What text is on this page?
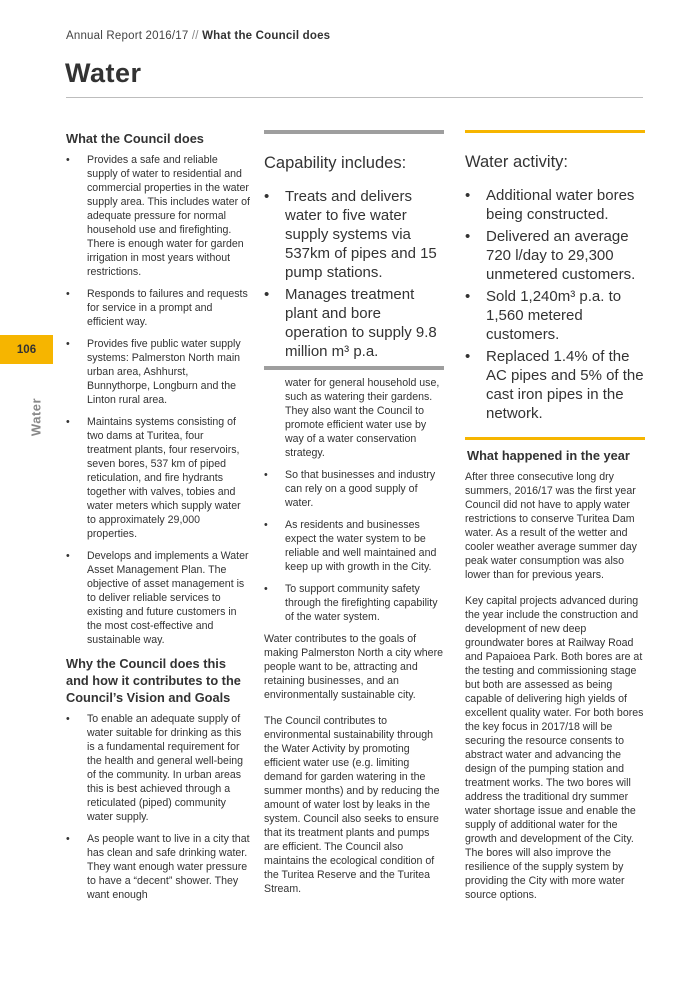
Annual Report 2016/17 // What the Council does
Water
106
Water
What the Council does
• Provides a safe and reliable supply of water to residential and commercial properties in the water supply area. This includes water of adequate pressure for normal household use and firefighting. There is enough water for garden irrigation in most years without restrictions.
• Responds to failures and requests for service in a prompt and efficient way.
• Provides five public water supply systems: Palmerston North main urban area, Ashhurst, Bunnythorpe, Longburn and the Linton rural area.
• Maintains systems consisting of two dams at Turitea, four treatment plants, four reservoirs, seven bores, 537 km of piped reticulation, and fire hydrants together with valves, tobies and water meters which supply water to approximately 29,000 properties.
• Develops and implements a Water Asset Management Plan. The objective of asset management is to deliver reliable services to existing and future customers in the most cost-effective and sustainable way.
Why the Council does this and how it contributes to the Council’s Vision and Goals
• To enable an adequate supply of water suitable for drinking as this is a fundamental requirement for the health and general well-being of the community. In urban areas this is best achieved through a reticulated (piped) community water supply.
• As people want to live in a city that has clean and safe drinking water. They want enough water pressure to have a “decent” shower. They want enough
Capability includes:
• Treats and delivers water to five water supply systems via 537km of pipes and 15 pump stations.
• Manages treatment plant and bore operation to supply 9.8 million m³ p.a.
Water activity:
• Additional water bores being constructed.
• Delivered an average 720 l/day to 29,300 unmetered customers.
• Sold 1,240m³ p.a. to 1,560 metered customers.
• Replaced 1.4% of the AC pipes and 5% of the cast iron pipes in the network.

water for general household use, such as watering their gardens. They also want the Council to promote efficient water use by way of a water conservation strategy.

• So that businesses and industry can rely on a good supply of water.
• As residents and businesses expect the water system to be reliable and well maintained and keep up with growth in the City.
• To support community safety through the firefighting capability of the water system.

Water contributes to the goals of making Palmerston North a city where people want to be, attracting and retaining businesses, and an environmentally sustainable city.

The Council contributes to environmental sustainability through the Water Activity by promoting efficient water use (e.g. limiting demand for garden watering in the summer months) and by reducing the amount of water lost by leaks in the system. Council also seeks to ensure that its treatment plants and pumps are efficient. The Council also maintains the ecological condition of the Turitea Reserve and the Turitea Stream.

What happened in the year

After three consecutive long dry summers, 2016/17 was the first year Council did not have to apply water restrictions to conserve Turitea Dam water. As a result of the wetter and cooler weather average summer day peak water consumption was also lower than for previous years.

Key capital projects advanced during the year include the construction and development of new deep groundwater bores at Railway Road and Papaioea Park. Both bores are at the testing and commissioning stage but both are assessed as being capable of delivering high yields of excellent quality water. For both bores the key focus in 2017/18 will be securing the resource consents to abstract water and advancing the design of the pumping station and treatment works. The two bores will address the traditional dry summer water shortage issue and enable the supply of additional water for the growth and development of the City. The bores will also improve the resilience of the supply system by providing the City with more water source options.
